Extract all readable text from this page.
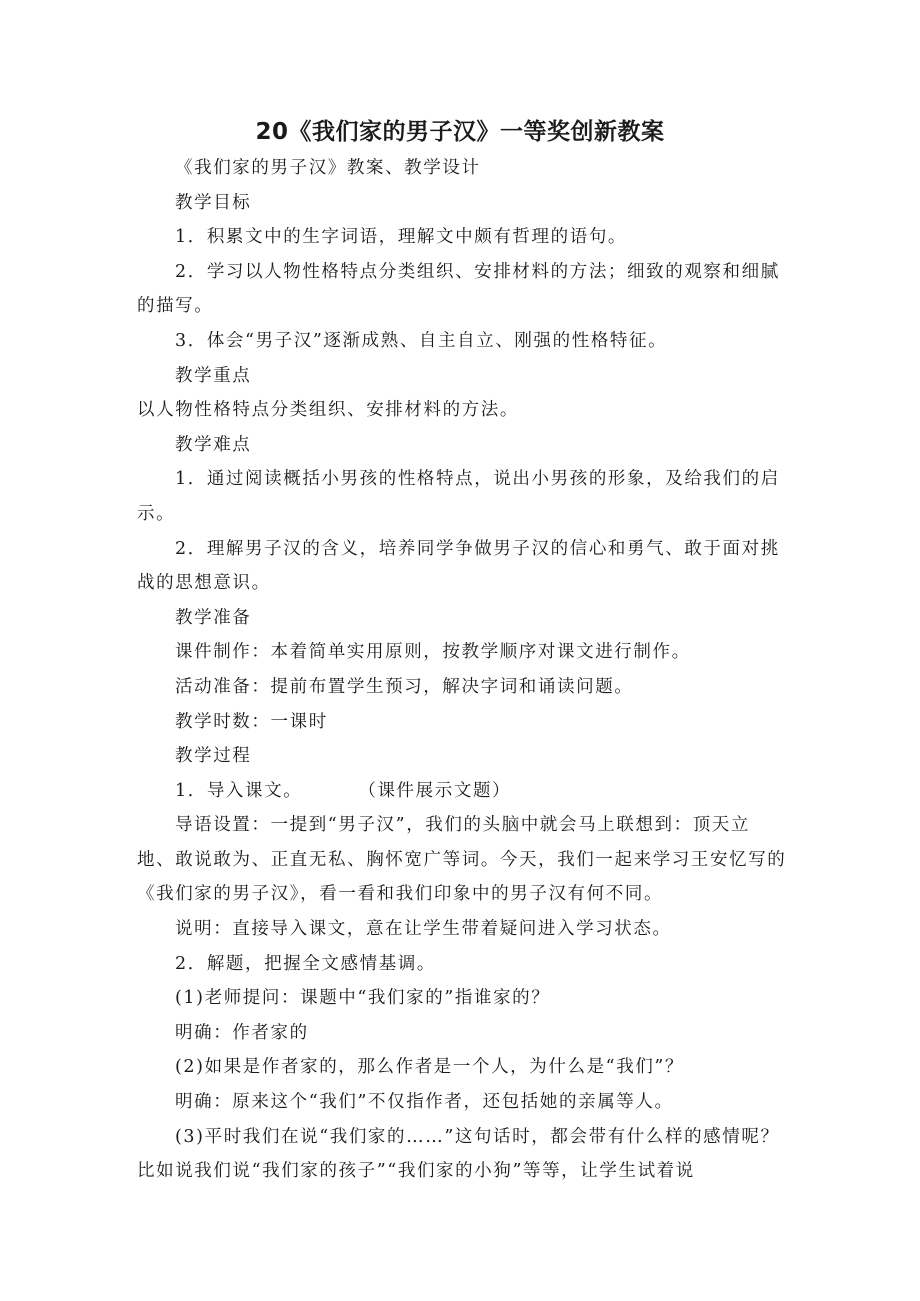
20《我们家的男子汉》一等奖创新教案

《我们家的男子汉》教案、教学设计

教学目标

1．积累文中的生字词语，理解文中颇有哲理的语句。

2．学习以人物性格特点分类组织、安排材料的方法；细致的观察和细腻的描写。

3．体会“男子汉”逐渐成熟、自主自立、刚强的性格特征。

教学重点

以人物性格特点分类组织、安排材料的方法。

教学难点

1．通过阅读概括小男孩的性格特点，说出小男孩的形象，及给我们的启示。

2．理解男子汉的含义，培养同学争做男子汉的信心和勇气、敢于面对挑战的思想意识。

教学准备

课件制作：本着简单实用原则，按教学顺序对课文进行制作。

活动准备：提前布置学生预习，解决字词和诵读问题。

教学时数：一课时

教学过程

1．导入课文。	（课件展示文题）

导语设置：一提到“男子汉”，我们的头脑中就会马上联想到：顶天立地、敢说敢为、正直无私、胸怀宽广等词。今天，我们一起来学习王安忆写的《我们家的男子汉》，看一看和我们印象中的男子汉有何不同。

说明：直接导入课文，意在让学生带着疑问进入学习状态。

2．解题，把握全文感情基调。

(1)老师提问：课题中“我们家的”指谁家的？

明确：作者家的

(2)如果是作者家的，那么作者是一个人，为什么是“我们”？

明确：原来这个“我们”不仅指作者，还包括她的亲属等人。

(3)平时我们在说“我们家的……”这句话时，都会带有什么样的感情呢？比如说我们说“我们家的孩子”“我们家的小狗”等等，让学生试着说
